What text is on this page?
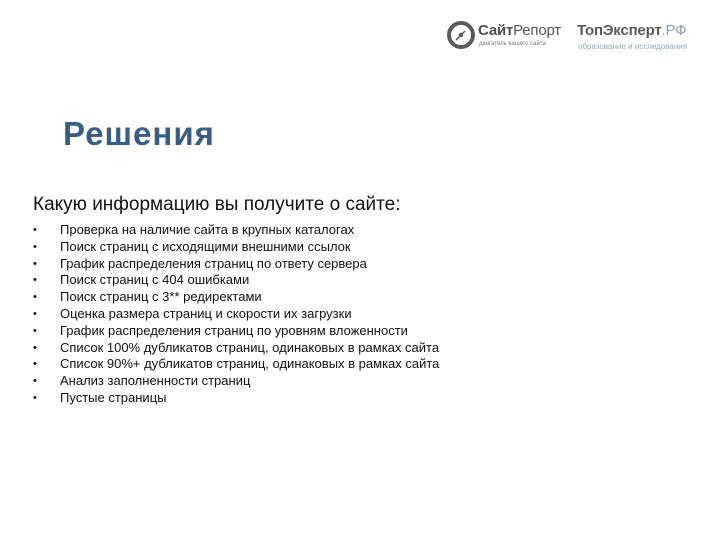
СайтРепорт
двигатель вашего сайта
ТопЭксперт.РФ
образование и исследования
Решения
Какую информацию вы получите о сайте:
•	Проверка на наличие сайта в крупных каталогах
•	Поиск страниц с исходящими внешними ссылок
•	График распределения страниц по ответу сервера
•	Поиск страниц с 404 ошибками
•	Поиск страниц с 3** редиректами
•	Оценка размера страниц и скорости их загрузки
•	График распределения страниц по уровням вложенности
•	Список 100% дубликатов страниц, одинаковых в рамках сайта
•	Список 90%+ дубликатов страниц, одинаковых в рамках сайта
•	Анализ заполненности страниц
•	Пустые страницы
